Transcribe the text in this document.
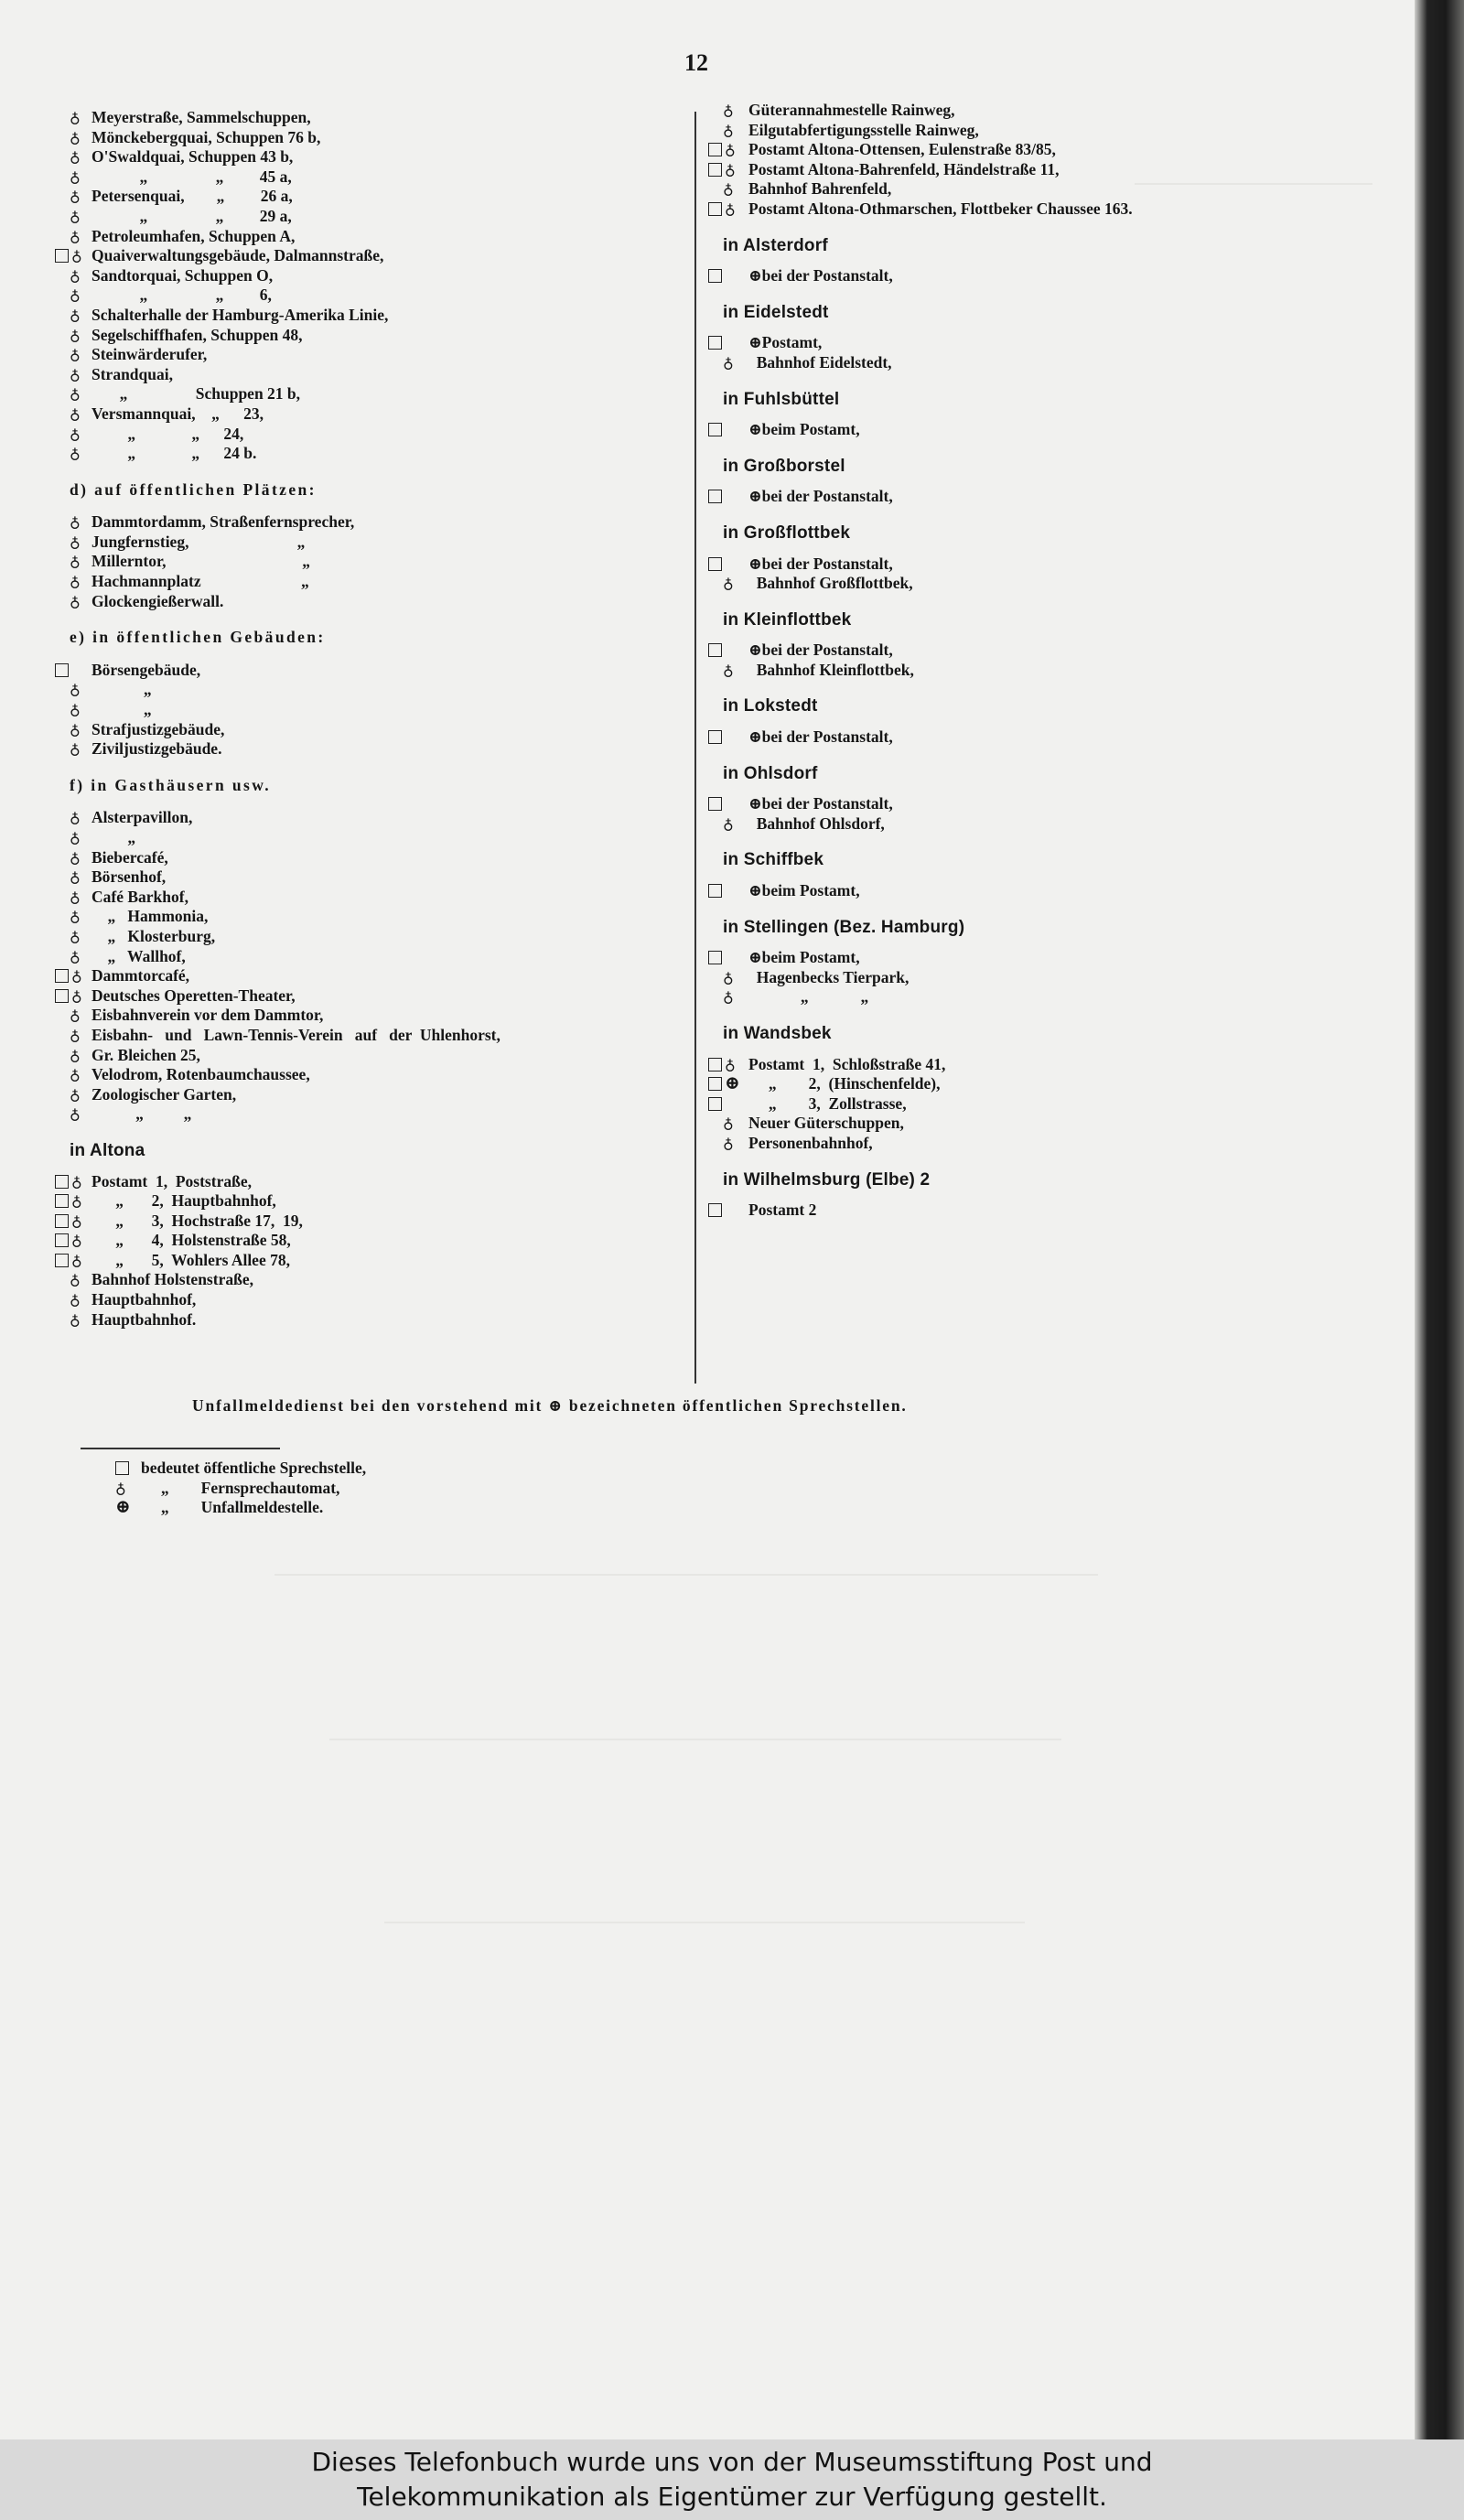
12
♁ Meyerstraße, Sammelschuppen,
♁ Mönckebergquai, Schuppen 76 b,
♁ O'Swaldquai, Schuppen 43 b,
♁ „                 „         45 a,
♁ Petersenquai,        „         26 a,
♁ „                 „         29 a,
♁ Petroleumhafen, Schuppen A,
♁ Quaiverwaltungsgebäude, Dalmannstraße,
♁ Sandtorquai, Schuppen O,
♁ „                 „         6,
♁ Schalterhalle der Hamburg-Amerika Linie,
♁ Segelschiffhafen, Schuppen 48,
♁ Steinwärderufer,
♁ Strandquai,
♁ „                 Schuppen 21 b,
♁ Versmannquai,    „      23,
♁ „              „      24,
♁ „              „      24 b.
d) auf öffentlichen Plätzen:
♁ Dammtordamm, Straßenfernsprecher,
♁ Jungfernstieg,                           „
♁ Millerntor,                                  „
♁ Hachmannplatz                         „
♁ Glockengießerwall.
e) in öffentlichen Gebäuden:
Börsengebäude,
♁ „
♁ „
♁ Strafjustizgebäude,
♁ Ziviljustizgebäude.
f) in Gasthäusern usw.
♁ Alsterpavillon,
♁ „
♁ Biebercafé,
♁ Börsenhof,
♁ Café Barkhof,
♁ „   Hammonia,
♁ „   Klosterburg,
♁ „   Wallhof,
♁ Dammtorcafé,
♁ Deutsches Operetten-Theater,
♁ Eisbahnverein vor dem Dammtor,
♁ Eisbahn-   und   Lawn-Tennis-Verein   auf   der  Uhlenhorst,
♁ Gr. Bleichen 25,
♁ Velodrom, Rotenbaumchaussee,
♁ Zoologischer Garten,
♁ „          „
in Altona
♁ Postamt  1,  Poststraße,
♁ „       2,  Hauptbahnhof,
♁ „       3,  Hochstraße 17,  19,
♁ „       4,  Holstenstraße 58,
♁ „       5,  Wohlers Allee 78,
♁ Bahnhof Holstenstraße,
♁ Hauptbahnhof,
♁ Hauptbahnhof.
♁ Güterannahmestelle Rainweg,
♁ Eilgutabfertigungsstelle Rainweg,
♁ Postamt Altona-Ottensen, Eulenstraße 83/85,
♁ Postamt Altona-Bahrenfeld, Händelstraße 11,
♁ Bahnhof Bahrenfeld,
♁ Postamt Altona-Othmarschen, Flottbeker Chaussee 163.
in Alsterdorf
⊕bei der Postanstalt,
in Eidelstedt
⊕Postamt,
♁ Bahnhof Eidelstedt,
in Fuhlsbüttel
⊕beim Postamt,
in Großborstel
⊕bei der Postanstalt,
in Großflottbek
⊕bei der Postanstalt,
♁ Bahnhof Großflottbek,
in Kleinflottbek
⊕bei der Postanstalt,
♁ Bahnhof Kleinflottbek,
in Lokstedt
⊕bei der Postanstalt,
in Ohlsdorf
⊕bei der Postanstalt,
♁ Bahnhof Ohlsdorf,
in Schiffbek
⊕beim Postamt,
in Stellingen (Bez. Hamburg)
⊕beim Postamt,
♁ Hagenbecks Tierpark,
♁ „             „
in Wandsbek
♁ Postamt  1,  Schloßstraße 41,
⊕ „        2,  (Hinschenfelde),
„        3,  Zollstrasse,
♁ Neuer Güterschuppen,
♁ Personenbahnhof,
in Wilhelmsburg (Elbe) 2
Postamt 2
Unfallmeldedienst bei den vorstehend mit ⊕ bezeichneten öffentlichen Sprechstellen.
bedeutet öffentliche Sprechstelle,
♁ „        Fernsprechautomat,
⊕ „        Unfallmeldestelle.
Dieses Telefonbuch wurde uns von der Museumsstiftung Post und
Telekommunikation als Eigentümer zur Verfügung gestellt.
